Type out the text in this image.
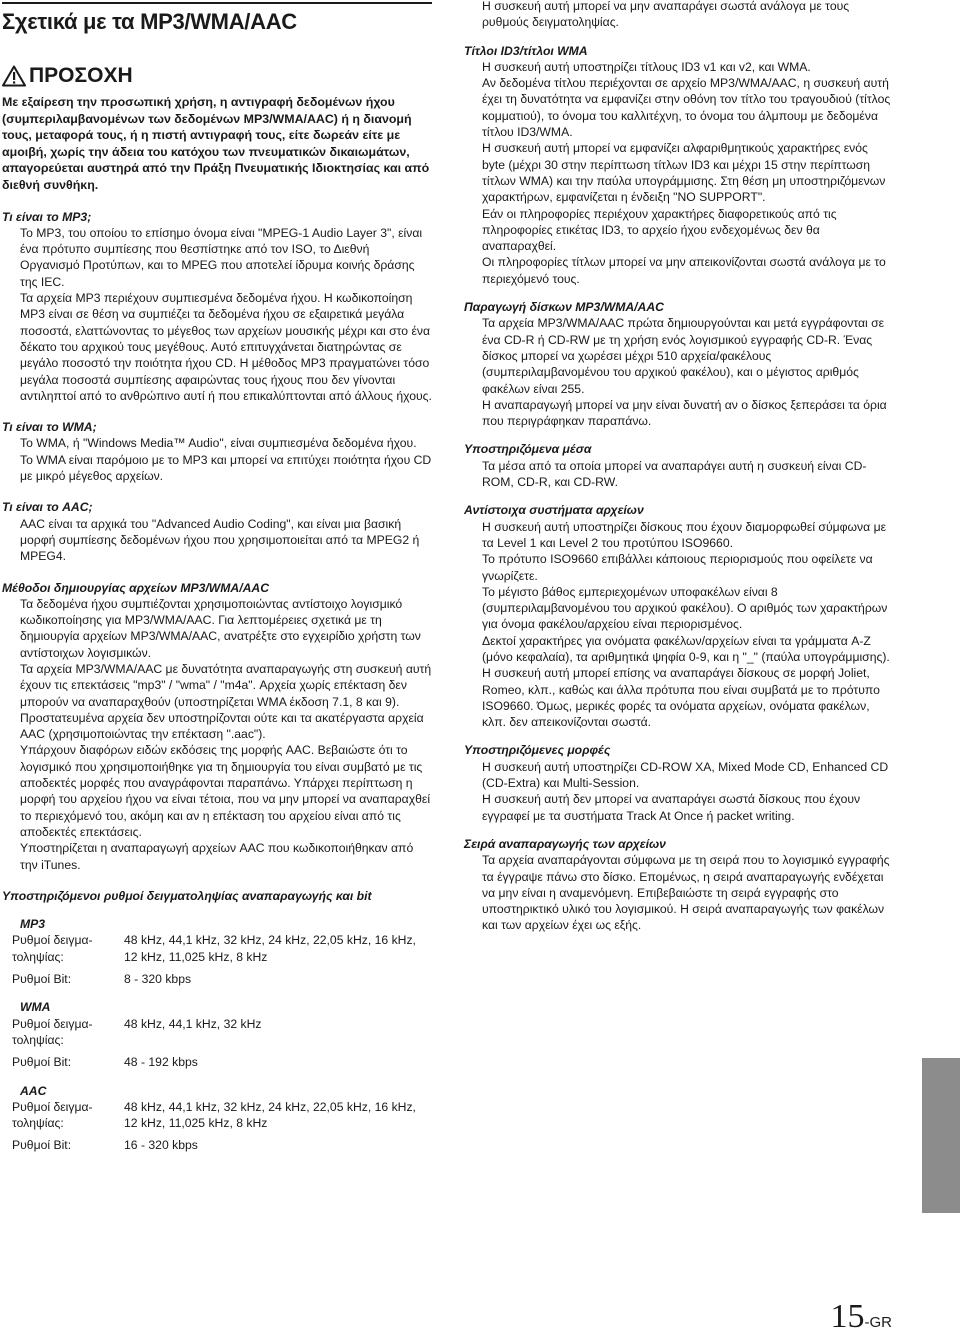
Σχετικά με τα MP3/WMA/AAC
ΠΡΟΣΟΧΗ
Με εξαίρεση την προσωπική χρήση, η αντιγραφή δεδομένων ήχου (συμπεριλαμβανομένων των δεδομένων MP3/WMA/AAC) ή η διανομή τους, μεταφορά τους, ή η πιστή αντιγραφή τους, είτε δωρεάν είτε με αμοιβή, χωρίς την άδεια του κατόχου των πνευματικών δικαιωμάτων, απαγορεύεται αυστηρά από την Πράξη Πνευματικής Ιδιοκτησίας και από διεθνή συνθήκη.
Τι είναι το MP3;

Το MP3, του οποίου το επίσημο όνομα είναι "MPEG-1 Audio Layer 3", είναι ένα πρότυπο συμπίεσης που θεσπίστηκε από τον ISO, το Διεθνή Οργανισμό Προτύπων, και το MPEG που αποτελεί ίδρυμα κοινής δράσης της IEC.

Τα αρχεία MP3 περιέχουν συμπιεσμένα δεδομένα ήχου. Η κωδικοποίηση MP3 είναι σε θέση να συμπιέζει τα δεδομένα ήχου σε εξαιρετικά μεγάλα ποσοστά, ελαττώνοντας το μέγεθος των αρχείων μουσικής μέχρι και στο ένα δέκατο του αρχικού τους μεγέθους. Αυτό επιτυγχάνεται διατηρώντας σε μεγάλο ποσοστό την ποιότητα ήχου CD. Η μέθοδος MP3 πραγματώνει τόσο μεγάλα ποσοστά συμπίεσης αφαιρώντας τους ήχους που δεν γίνονται αντιληπτοί από το ανθρώπινο αυτί ή που επικαλύπτονται από άλλους ήχους.

Τι είναι το WMA;

Το WMA, ή "Windows Media™ Audio", είναι συμπιεσμένα δεδομένα ήχου.

Το WMA είναι παρόμοιο με το MP3 και μπορεί να επιτύχει ποιότητα ήχου CD με μικρό μέγεθος αρχείων.

Τι είναι το AAC;

AAC είναι τα αρχικά του "Advanced Audio Coding", και είναι μια βασική μορφή συμπίεσης δεδομένων ήχου που χρησιμοποιείται από τα MPEG2 ή MPEG4.

Μέθοδοι δημιουργίας αρχείων MP3/WMA/AAC

Τα δεδομένα ήχου συμπιέζονται χρησιμοποιώντας αντίστοιχο λογισμικό κωδικοποίησης για MP3/WMA/AAC. Για λεπτομέρειες σχετικά με τη δημιουργία αρχείων MP3/WMA/AAC, ανατρέξτε στο εγχειρίδιο χρήστη των αντίστοιχων λογισμικών.

Τα αρχεία MP3/WMA/AAC με δυνατότητα αναπαραγωγής στη συσκευή αυτή έχουν τις επεκτάσεις "mp3" / "wma" / "m4a". Αρχεία χωρίς επέκταση δεν μπορούν να αναπαραχθούν (υποστηρίζεται WMA έκδοση 7.1, 8 και 9). Προστατευμένα αρχεία δεν υποστηρίζονται ούτε και τα ακατέργαστα αρχεία AAC (χρησιμοποιώντας την επέκταση ".aac").

Υπάρχουν διαφόρων ειδών εκδόσεις της μορφής AAC. Βεβαιώστε ότι το λογισμικό που χρησιμοποιήθηκε για τη δημιουργία του είναι συμβατό με τις αποδεκτές μορφές που αναγράφονται παραπάνω. Υπάρχει περίπτωση η μορφή του αρχείου ήχου να είναι τέτοια, που να μην μπορεί να αναπαραχθεί το περιεχόμενό του, ακόμη και αν η επέκταση του αρχείου είναι από τις αποδεκτές επεκτάσεις.

Υποστηρίζεται η αναπαραγωγή αρχείων AAC που κωδικοποιήθηκαν από την iTunes.

Υποστηριζόμενοι ρυθμοί δειγματοληψίας αναπαραγωγής και bit
MP3
Ρυθμοί δειγμα-
τοληψίας:
48 kHz, 44,1 kHz, 32 kHz, 24 kHz, 22,05 kHz, 16 kHz,
12 kHz, 11,025 kHz, 8 kHz
Ρυθμοί Bit:	8 - 320 kbps
WMA
Ρυθμοί δειγμα-
τοληψίας:
48 kHz, 44,1 kHz, 32 kHz
Ρυθμοί Bit:	48 - 192 kbps
AAC
Ρυθμοί δειγμα-
τοληψίας:
48 kHz, 44,1 kHz, 32 kHz, 24 kHz, 22,05 kHz, 16 kHz,
12 kHz, 11,025 kHz, 8 kHz
Ρυθμοί Bit:	16 - 320 kbps

Η συσκευή αυτή μπορεί να μην αναπαράγει σωστά ανάλογα με τους ρυθμούς δειγματοληψίας.

Τίτλοι ID3/τίτλοι WMA

Η συσκευή αυτή υποστηρίζει τίτλους ID3 v1 και v2, και WMA.

Αν δεδομένα τίτλου περιέχονται σε αρχείο MP3/WMA/AAC, η συσκευή αυτή έχει τη δυνατότητα να εμφανίζει στην οθόνη τον τίτλο του τραγουδιού (τίτλος κομματιού), το όνομα του καλλιτέχνη, το όνομα του άλμπουμ με δεδομένα τίτλου ID3/WMA.

Η συσκευή αυτή μπορεί να εμφανίζει αλφαριθμητικούς χαρακτήρες ενός byte (μέχρι 30 στην περίπτωση τίτλων ID3 και μέχρι 15 στην περίπτωση τίτλων WMA) και την παύλα υπογράμμισης. Στη θέση μη υποστηριζόμενων χαρακτήρων, εμφανίζεται η ένδειξη "NO SUPPORT".

Εάν οι πληροφορίες περιέχουν χαρακτήρες διαφορετικούς από τις πληροφορίες ετικέτας ID3, το αρχείο ήχου ενδεχομένως δεν θα αναπαραχθεί.

Οι πληροφορίες τίτλων μπορεί να μην απεικονίζονται σωστά ανάλογα με το περιεχόμενό τους.

Παραγωγή δίσκων MP3/WMA/AAC

Τα αρχεία MP3/WMA/AAC πρώτα δημιουργούνται και μετά εγγράφονται σε ένα CD-R ή CD-RW με τη χρήση ενός λογισμικού εγγραφής CD-R. Ένας δίσκος μπορεί να χωρέσει μέχρι 510 αρχεία/φακέλους (συμπεριλαμβανομένου του αρχικού φακέλου), και ο μέγιστος αριθμός φακέλων είναι 255.

Η αναπαραγωγή μπορεί να μην είναι δυνατή αν ο δίσκος ξεπεράσει τα όρια που περιγράφηκαν παραπάνω.

Υποστηριζόμενα μέσα

Τα μέσα από τα οποία μπορεί να αναπαράγει αυτή η συσκευή είναι CD-ROM, CD-R, και CD-RW.

Αντίστοιχα συστήματα αρχείων

Η συσκευή αυτή υποστηρίζει δίσκους που έχουν διαμορφωθεί σύμφωνα με τα Level 1 και Level 2 του προτύπου ISO9660.

Το πρότυπο ISO9660 επιβάλλει κάποιους περιορισμούς που οφείλετε να γνωρίζετε.

Το μέγιστο βάθος εμπεριεχομένων υποφακέλων είναι 8 (συμπεριλαμβανομένου του αρχικού φακέλου). Ο αριθμός των χαρακτήρων για όνομα φακέλου/αρχείου είναι περιορισμένος.

Δεκτοί χαρακτήρες για ονόματα φακέλων/αρχείων είναι τα γράμματα A-Z (μόνο κεφαλαία), τα αριθμητικά ψηφία 0-9, και η "_" (παύλα υπογράμμισης).

Η συσκευή αυτή μπορεί επίσης να αναπαράγει δίσκους σε μορφή Joliet, Romeo, κλπ., καθώς και άλλα πρότυπα που είναι συμβατά με το πρότυπο ISO9660. Όμως, μερικές φορές τα ονόματα αρχείων, ονόματα φακέλων, κλπ. δεν απεικονίζονται σωστά.

Υποστηριζόμενες μορφές

Η συσκευή αυτή υποστηρίζει CD-ROW XA, Mixed Mode CD, Enhanced CD (CD-Extra) και Multi-Session.

Η συσκευή αυτή δεν μπορεί να αναπαράγει σωστά δίσκους που έχουν εγγραφεί με τα συστήματα Track At Once ή packet writing.

Σειρά αναπαραγωγής των αρχείων

Τα αρχεία αναπαράγονται σύμφωνα με τη σειρά που το λογισμικό εγγραφής τα έγγραψε πάνω στο δίσκο. Επομένως, η σειρά αναπαραγωγής ενδέχεται να μην είναι η αναμενόμενη. Επιβεβαιώστε τη σειρά εγγραφής στο υποστηρικτικό υλικό του λογισμικού. Η σειρά αναπαραγωγής των φακέλων και των αρχείων έχει ως εξής.

15-GR
